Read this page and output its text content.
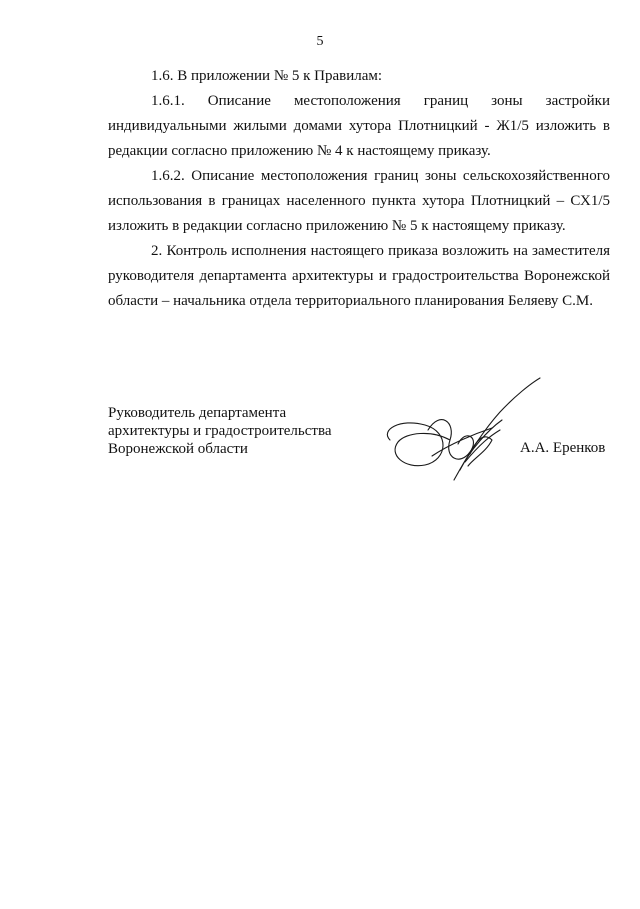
5

1.6. В приложении № 5 к Правилам:

1.6.1. Описание местоположения границ зоны застройки индивидуальными жилыми домами хутора Плотницкий - Ж1/5 изложить в редакции согласно приложению № 4 к настоящему приказу.

1.6.2. Описание местоположения границ зоны сельскохозяйственного использования в границах населенного пункта хутора Плотницкий – СХ1/5 изложить в редакции согласно приложению № 5 к настоящему приказу.

2. Контроль исполнения настоящего приказа возложить на заместителя руководителя департамента архитектуры и градостроительства Воронежской области – начальника отдела территориального планирования Беляеву С.М.

Руководитель департамента
архитектуры и градостроительства
Воронежской области	А.А. Еренков
